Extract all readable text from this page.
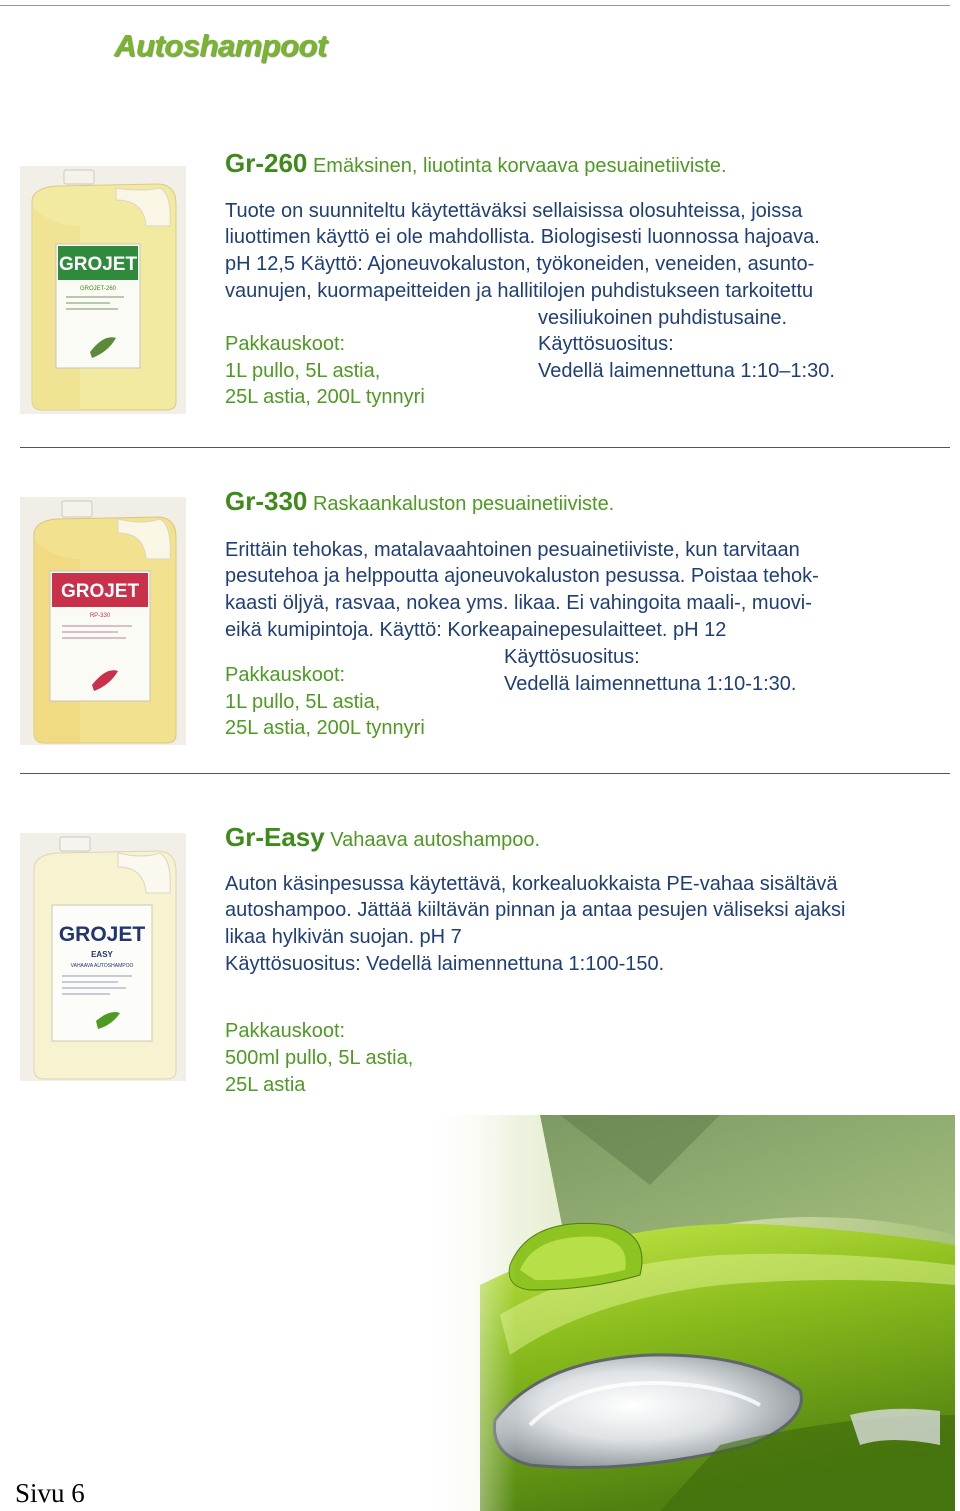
Autoshampoot
GROJET
GROJET-260
Gr-260 Emäksinen, liuotinta korvaava pesuainetiiviste.
Tuote on suunniteltu käytettäväksi sellaisissa olosuhteissa, joissa
liuottimen käyttö ei ole mahdollista. Biologisesti luonnossa hajoava.
pH 12,5 Käyttö: Ajoneuvokaluston, työkoneiden, veneiden, asunto-
vaunujen, kuormapeitteiden ja hallitilojen puhdistukseen tarkoitettu
vesiliukoinen puhdistusaine.
Pakkauskoot:
1L pullo, 5L astia,
25L astia, 200L tynnyri
Käyttösuositus:
Vedellä laimennettuna 1:10–1:30.
GROJET
RP-330
Gr-330 Raskaankaluston pesuainetiiviste.
Erittäin tehokas, matalavaahtoinen pesuainetiiviste, kun tarvitaan
pesutehoa ja helppoutta ajoneuvokaluston pesussa. Poistaa tehok-
kaasti öljyä, rasvaa, nokea yms. likaa. Ei vahingoita maali-, muovi-
eikä kumipintoja. Käyttö: Korkeapainepesulaitteet. pH 12
Käyttösuositus:
Vedellä laimennettuna 1:10-1:30.
Pakkauskoot:
1L pullo, 5L astia,
25L astia, 200L tynnyri
GROJET
EASY
VAHAAVA AUTOSHAMPOO
Gr-Easy Vahaava autoshampoo.
Auton käsinpesussa käytettävä, korkealuokkaista PE-vahaa sisältävä
autoshampoo. Jättää kiiltävän pinnan ja antaa pesujen väliseksi ajaksi
likaa hylkivän suojan. pH 7
Käyttösuositus: Vedellä laimennettuna 1:100-150.
Pakkauskoot:
500ml pullo, 5L astia,
25L astia
Sivu 6
